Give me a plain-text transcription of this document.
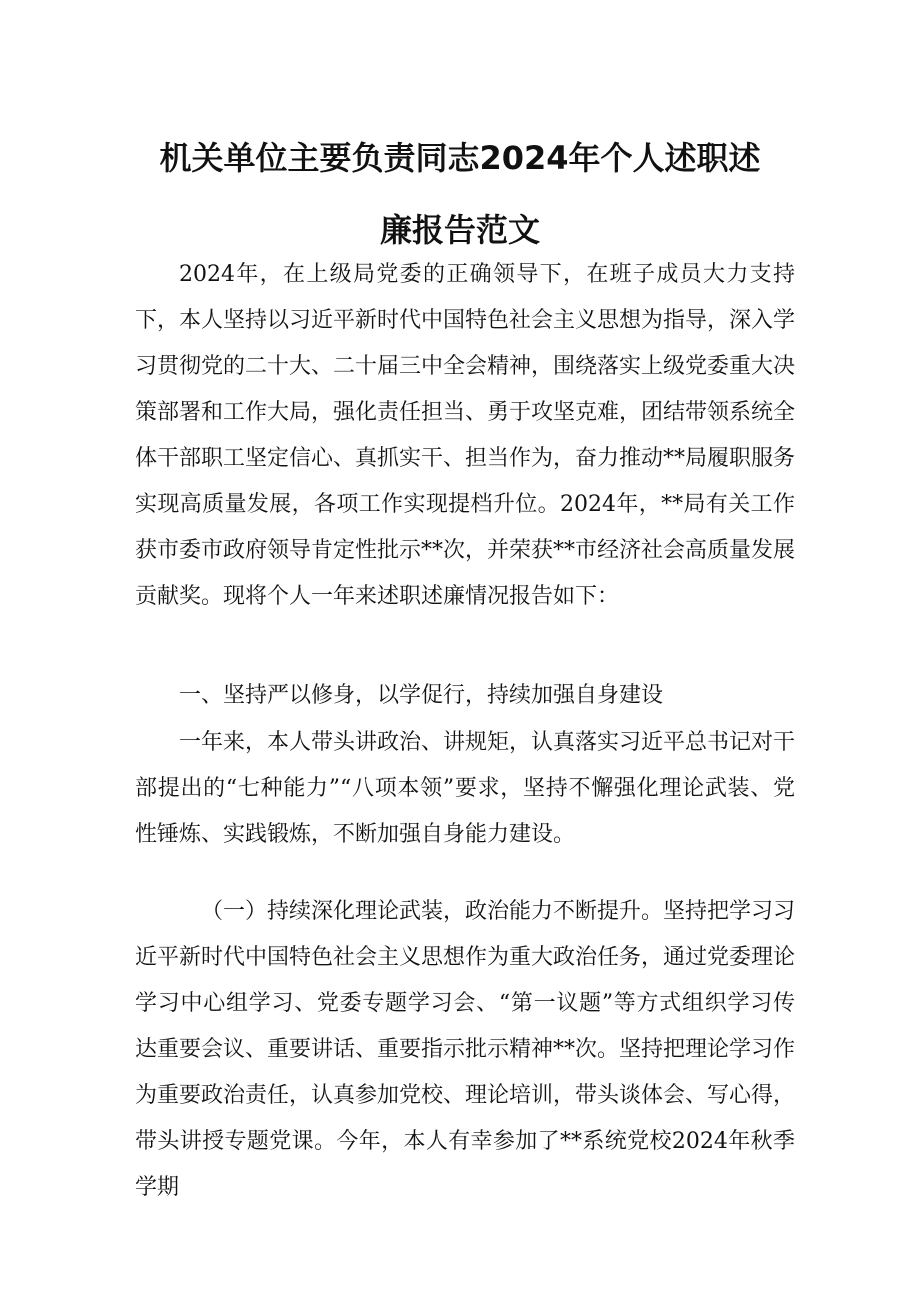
机关单位主要负责同志2024年个人述职述
廉报告范文

2024年，在上级局党委的正确领导下，在班子成员大力支持下，本人坚持以习近平新时代中国特色社会主义思想为指导，深入学习贯彻党的二十大、二十届三中全会精神，围绕落实上级党委重大决策部署和工作大局，强化责任担当、勇于攻坚克难，团结带领系统全体干部职工坚定信心、真抓实干、担当作为，奋力推动**局履职服务实现高质量发展，各项工作实现提档升位。2024年，**局有关工作获市委市政府领导肯定性批示**次，并荣获**市经济社会高质量发展贡献奖。现将个人一年来述职述廉情况报告如下：

一、坚持严以修身，以学促行，持续加强自身建设

一年来，本人带头讲政治、讲规矩，认真落实习近平总书记对干部提出的“七种能力”“八项本领”要求，坚持不懈强化理论武装、党性锤炼、实践锻炼，不断加强自身能力建设。

（一）持续深化理论武装，政治能力不断提升。坚持把学习习近平新时代中国特色社会主义思想作为重大政治任务，通过党委理论学习中心组学习、党委专题学习会、“第一议题”等方式组织学习传达重要会议、重要讲话、重要指示批示精神**次。坚持把理论学习作为重要政治责任，认真参加党校、理论培训，带头谈体会、写心得，带头讲授专题党课。今年，本人有幸参加了**系统党校2024年秋季学期
